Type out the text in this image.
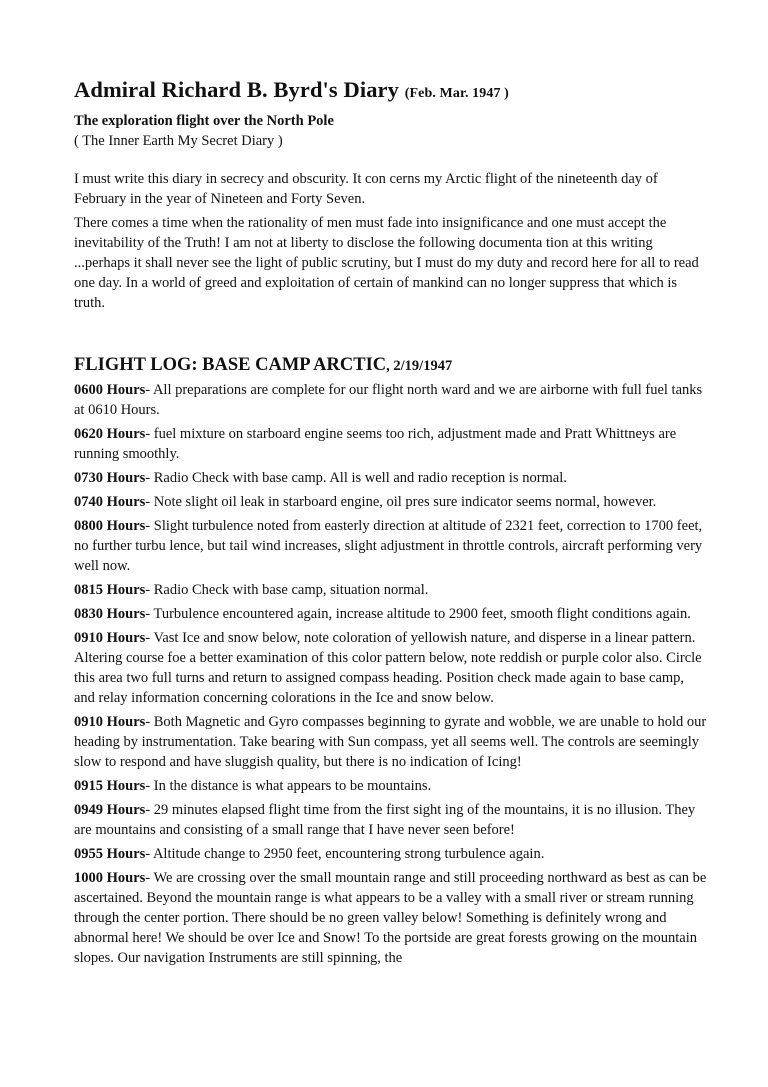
Admiral Richard B. Byrd's Diary (Feb. Mar. 1947 )
The exploration flight over the North Pole
( The Inner Earth My Secret Diary )

I must write this diary in secrecy and obscurity. It con cerns my Arctic flight of the nineteenth day of February in the year of Nineteen and Forty Seven.

There comes a time when the rationality of men must fade into insignificance and one must accept the inevitability of the Truth! I am not at liberty to disclose the following documenta tion at this writing ...perhaps it shall never see the light of public scrutiny, but I must do my duty and record here for all to read one day. In a world of greed and exploitation of certain of mankind can no longer suppress that which is truth.

FLIGHT LOG: BASE CAMP ARCTIC, 2/19/1947

0600 Hours- All preparations are complete for our flight north ward and we are airborne with full fuel tanks at 0610 Hours.

0620 Hours- fuel mixture on starboard engine seems too rich, adjustment made and Pratt Whittneys are running smoothly.

0730 Hours- Radio Check with base camp. All is well and radio reception is normal.

0740 Hours- Note slight oil leak in starboard engine, oil pres sure indicator seems normal, however.

0800 Hours- Slight turbulence noted from easterly direction at altitude of 2321 feet, correction to 1700 feet, no further turbu lence, but tail wind increases, slight adjustment in throttle controls, aircraft performing very well now.

0815 Hours- Radio Check with base camp, situation normal.

0830 Hours- Turbulence encountered again, increase altitude to 2900 feet, smooth flight conditions again.

0910 Hours- Vast Ice and snow below, note coloration of yellowish nature, and disperse in a linear pattern. Altering course foe a better examination of this color pattern below, note reddish or purple color also. Circle this area two full turns and return to assigned compass heading. Position check made again to base camp, and relay information concerning colorations in the Ice and snow below.

0910 Hours- Both Magnetic and Gyro compasses beginning to gyrate and wobble, we are unable to hold our heading by instrumentation. Take bearing with Sun compass, yet all seems well. The controls are seemingly slow to respond and have sluggish quality, but there is no indication of Icing!

0915 Hours- In the distance is what appears to be mountains.

0949 Hours- 29 minutes elapsed flight time from the first sight ing of the mountains, it is no illusion. They are mountains and consisting of a small range that I have never seen before!

0955 Hours- Altitude change to 2950 feet, encountering strong turbulence again.

1000 Hours- We are crossing over the small mountain range and still proceeding northward as best as can be ascertained. Beyond the mountain range is what appears to be a valley with a small river or stream running through the center portion. There should be no green valley below! Something is definitely wrong and abnormal here! We should be over Ice and Snow! To the portside are great forests growing on the mountain slopes. Our navigation Instruments are still spinning, the
